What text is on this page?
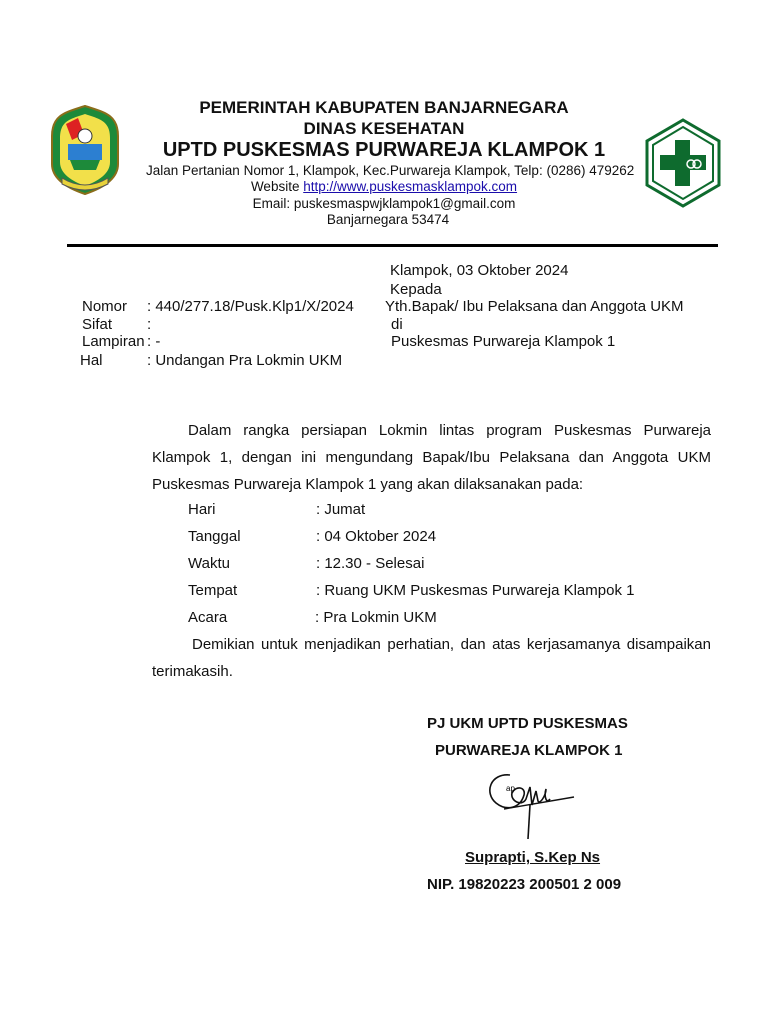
PEMERINTAH KABUPATEN BANJARNEGARA
DINAS KESEHATAN
UPTD PUSKESMAS PURWAREJA KLAMPOK 1
Jalan Pertanian Nomor 1, Klampok, Kec.Purwareja Klampok, Telp: (0286) 479262
Website http://www.puskesmasklampok.com
Email: puskesmaspwjklampok1@gmail.com
Banjarnegara 53474
Klampok, 03 Oktober 2024
Kepada
Yth.Bapak/ Ibu Pelaksana dan Anggota UKM
di
Puskesmas Purwareja Klampok 1
Nomor : 440/277.18/Pusk.Klp1/X/2024
Sifat :
Lampiran : -
Hal	: Undangan Pra Lokmin UKM
Dalam rangka persiapan Lokmin lintas program Puskesmas Purwareja
Klampok 1, dengan ini mengundang Bapak/Ibu Pelaksana dan Anggota UKM
Puskesmas Purwareja Klampok 1 yang akan dilaksanakan pada:
Hari	: Jumat
Tanggal	: 04 Oktober 2024
Waktu	: 12.30 - Selesai
Tempat	: Ruang UKM Puskesmas Purwareja Klampok 1
Acara	: Pra Lokmin UKM
Demikian untuk menjadikan perhatian, dan atas kerjasamanya disampaikan
terimakasih.
PJ UKM UPTD PUSKESMAS
PURWAREJA KLAMPOK 1
ap
Suprapti, S.Kep Ns
NIP. 19820223 200501 2 009
